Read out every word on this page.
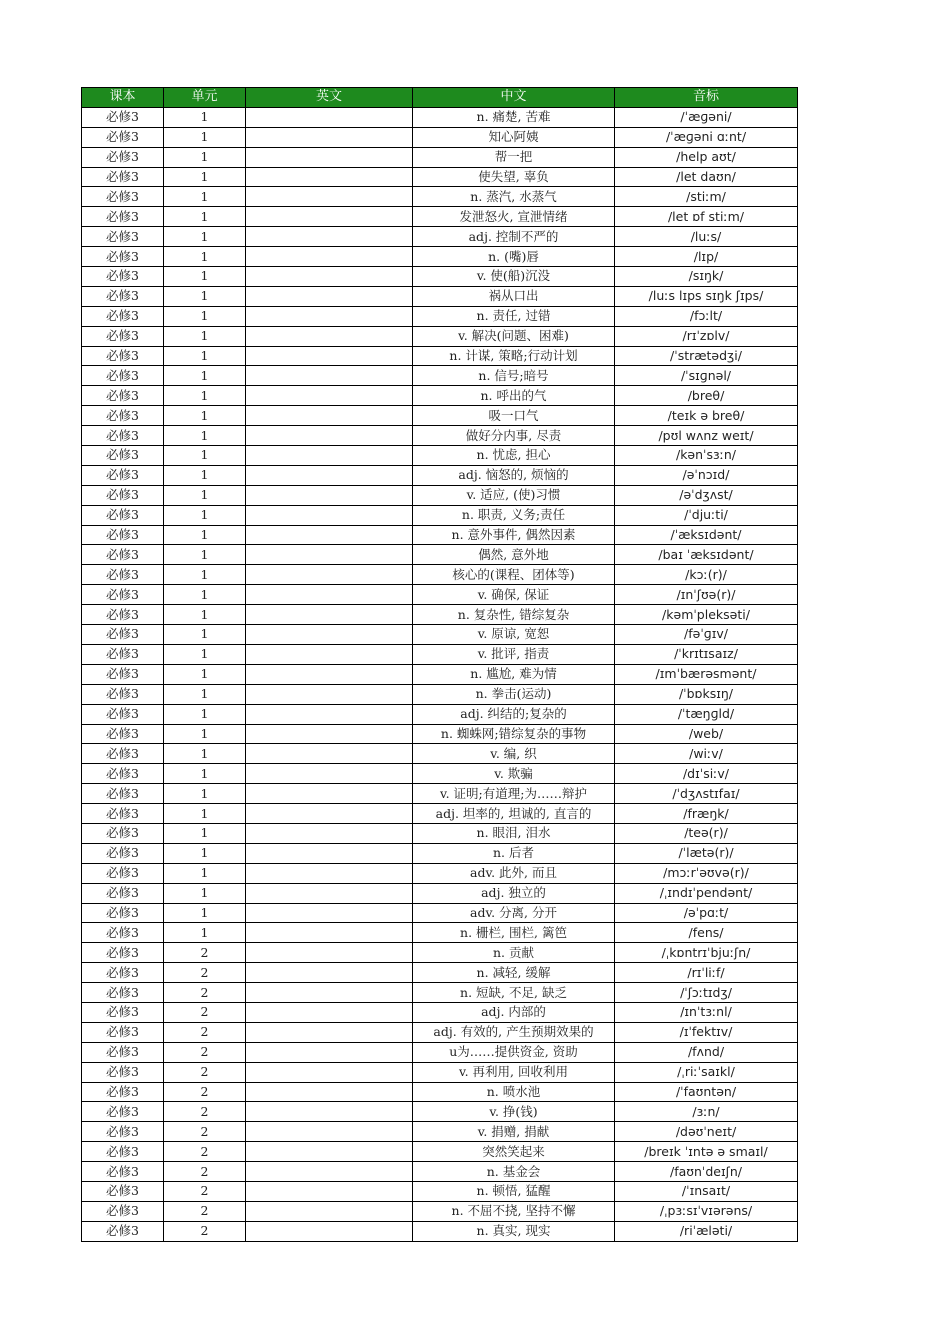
课本	单元	英文	中文	音标
必修3	1		n. 痛楚, 苦难	/ˈæɡəni/
必修3	1		知心阿姨	/ˈæɡəni ɑːnt/
必修3	1		帮一把	/help aʊt/
必修3	1		使失望, 辜负	/let daʊn/
必修3	1		n. 蒸汽, 水蒸气	/stiːm/
必修3	1		发泄怒火, 宣泄情绪	/let ɒf stiːm/
必修3	1		adj. 控制不严的	/luːs/
必修3	1		n. (嘴)唇	/lɪp/
必修3	1		v. 使(船)沉没	/sɪŋk/
必修3	1		祸从口出	/luːs lɪps sɪŋk ʃɪps/
必修3	1		n. 责任, 过错	/fɔːlt/
必修3	1		v. 解决(问题、困难)	/rɪˈzɒlv/
必修3	1		n. 计谋, 策略;行动计划	/ˈstrætədʒi/
必修3	1		n. 信号;暗号	/ˈsɪɡnəl/
必修3	1		n. 呼出的气	/breθ/
必修3	1		吸一口气	/teɪk ə breθ/
必修3	1		做好分内事, 尽责	/pʊl wʌnz weɪt/
必修3	1		n. 忧虑, 担心	/kənˈsɜːn/
必修3	1		adj. 恼怒的, 烦恼的	/əˈnɔɪd/
必修3	1		v. 适应, (使)习惯	/əˈdʒʌst/
必修3	1		n. 职责, 义务;责任	/ˈdjuːti/
必修3	1		n. 意外事件, 偶然因素	/ˈæksɪdənt/
必修3	1		偶然, 意外地	/baɪ ˈæksɪdənt/
必修3	1		核心的(课程、团体等)	/kɔː(r)/
必修3	1		v. 确保, 保证	/ɪnˈʃʊə(r)/
必修3	1		n. 复杂性, 错综复杂	/kəmˈpleksəti/
必修3	1		v. 原谅, 宽恕	/fəˈɡɪv/
必修3	1		v. 批评, 指责	/ˈkrɪtɪsaɪz/
必修3	1		n. 尴尬, 难为情	/ɪmˈbærəsmənt/
必修3	1		n. 拳击(运动)	/ˈbɒksɪŋ/
必修3	1		adj. 纠结的;复杂的	/ˈtæŋɡld/
必修3	1		n. 蜘蛛网;错综复杂的事物	/web/
必修3	1		v. 编, 织	/wiːv/
必修3	1		v. 欺骗	/dɪˈsiːv/
必修3	1		v. 证明;有道理;为……辩护	/ˈdʒʌstɪfaɪ/
必修3	1		adj. 坦率的, 坦诚的, 直言的	/fræŋk/
必修3	1		n. 眼泪, 泪水	/teə(r)/
必修3	1		n. 后者	/ˈlætə(r)/
必修3	1		adv. 此外, 而且	/mɔːrˈəʊvə(r)/
必修3	1		adj. 独立的	/ˌɪndɪˈpendənt/
必修3	1		adv. 分离, 分开	/əˈpɑːt/
必修3	1		n. 栅栏, 围栏, 篱笆	/fens/
必修3	2		n. 贡献	/ˌkɒntrɪˈbjuːʃn/
必修3	2		n. 减轻, 缓解	/rɪˈliːf/
必修3	2		n. 短缺, 不足, 缺乏	/ˈʃɔːtɪdʒ/
必修3	2		adj. 内部的	/ɪnˈtɜːnl/
必修3	2		adj. 有效的, 产生预期效果的	/ɪˈfektɪv/
必修3	2		u为……提供资金, 资助	/fʌnd/
必修3	2		v. 再利用, 回收利用	/ˌriːˈsaɪkl/
必修3	2		n. 喷水池	/ˈfaʊntən/
必修3	2		v. 挣(钱)	/ɜːn/
必修3	2		v. 捐赠, 捐献	/dəʊˈneɪt/
必修3	2		突然笑起来	/breɪk ˈɪntə ə smaɪl/
必修3	2		n. 基金会	/faʊnˈdeɪʃn/
必修3	2		n. 顿悟, 猛醒	/ˈɪnsaɪt/
必修3	2		n. 不屈不挠, 坚持不懈	/ˌpɜːsɪˈvɪərəns/
必修3	2		n. 真实, 现实	/riˈæləti/
